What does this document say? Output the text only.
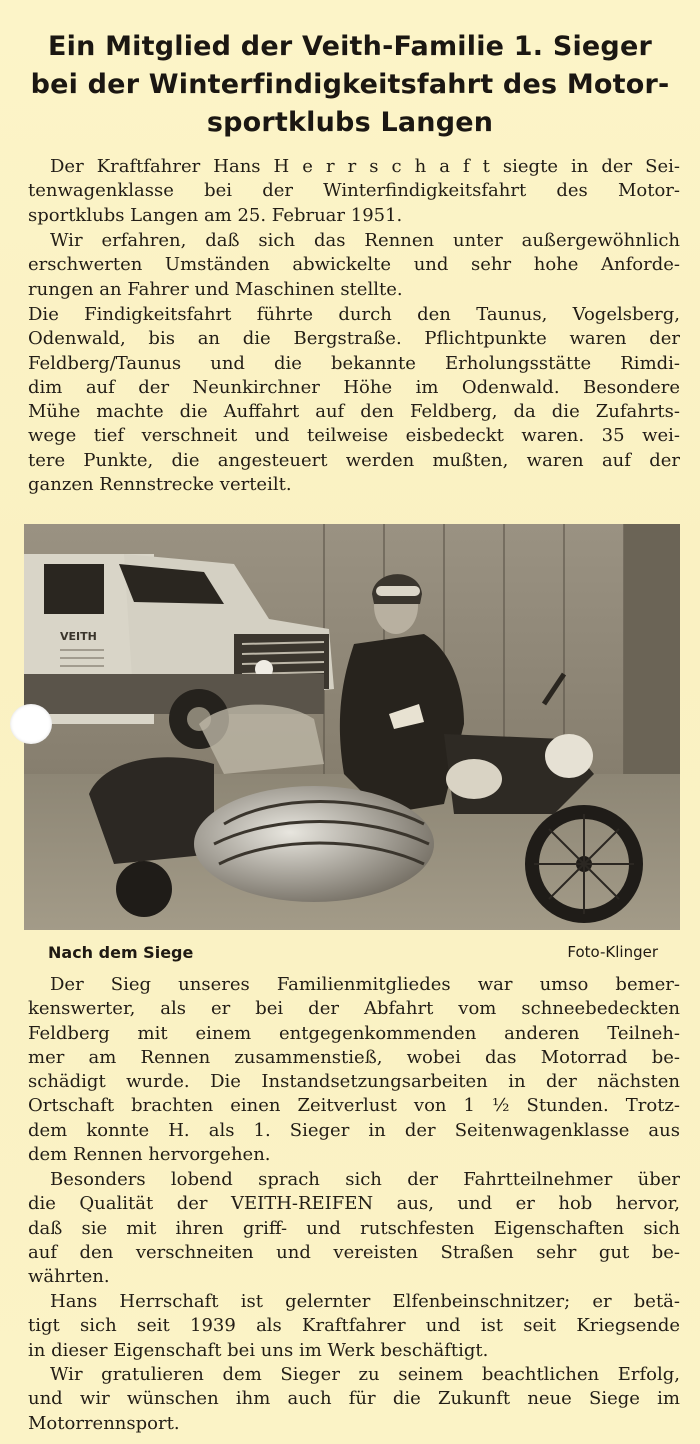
Ein Mitglied der Veith-Familie 1. Sieger
bei der Winterfindigkeitsfahrt des Motor-
sportklubs Langen
Der Kraftfahrer Hans H e r r s c h a f t siegte in der Sei-
tenwagenklasse bei der Winterfindigkeitsfahrt des Motor-
sportklubs Langen am 25. Februar 1951.
Wir erfahren, daß sich das Rennen unter außergewöhnlich
erschwerten Umständen abwickelte und sehr hohe Anforde-
rungen an Fahrer und Maschinen stellte.
Die Findigkeitsfahrt führte durch den Taunus, Vogelsberg,
Odenwald, bis an die Bergstraße. Pflichtpunkte waren der
Feldberg/Taunus und die bekannte Erholungsstätte Rimdi-
dim auf der Neunkirchner Höhe im Odenwald. Besondere
Mühe machte die Auffahrt auf den Feldberg, da die Zufahrts-
wege tief verschneit und teilweise eisbedeckt waren. 35 wei-
tere Punkte, die angesteuert werden mußten, waren auf der
ganzen Rennstrecke verteilt.
VEITH
Nach dem Siege	Foto-Klinger
Der Sieg unseres Familienmitgliedes war umso bemer-
kenswerter, als er bei der Abfahrt vom schneebedeckten
Feldberg mit einem entgegenkommenden anderen Teilneh-
mer am Rennen zusammenstieß, wobei das Motorrad be-
schädigt wurde. Die Instandsetzungsarbeiten in der nächsten
Ortschaft brachten einen Zeitverlust von 1 ½ Stunden. Trotz-
dem konnte H. als 1. Sieger in der Seitenwagenklasse aus
dem Rennen hervorgehen.
Besonders lobend sprach sich der Fahrtteilnehmer über
die Qualität der VEITH-REIFEN aus, und er hob hervor,
daß sie mit ihren griff- und rutschfesten Eigenschaften sich
auf den verschneiten und vereisten Straßen sehr gut be-
währten.
Hans Herrschaft ist gelernter Elfenbeinschnitzer; er betä-
tigt sich seit 1939 als Kraftfahrer und ist seit Kriegsende
in dieser Eigenschaft bei uns im Werk beschäftigt.
Wir gratulieren dem Sieger zu seinem beachtlichen Erfolg,
und wir wünschen ihm auch für die Zukunft neue Siege im
Motorrennsport.
